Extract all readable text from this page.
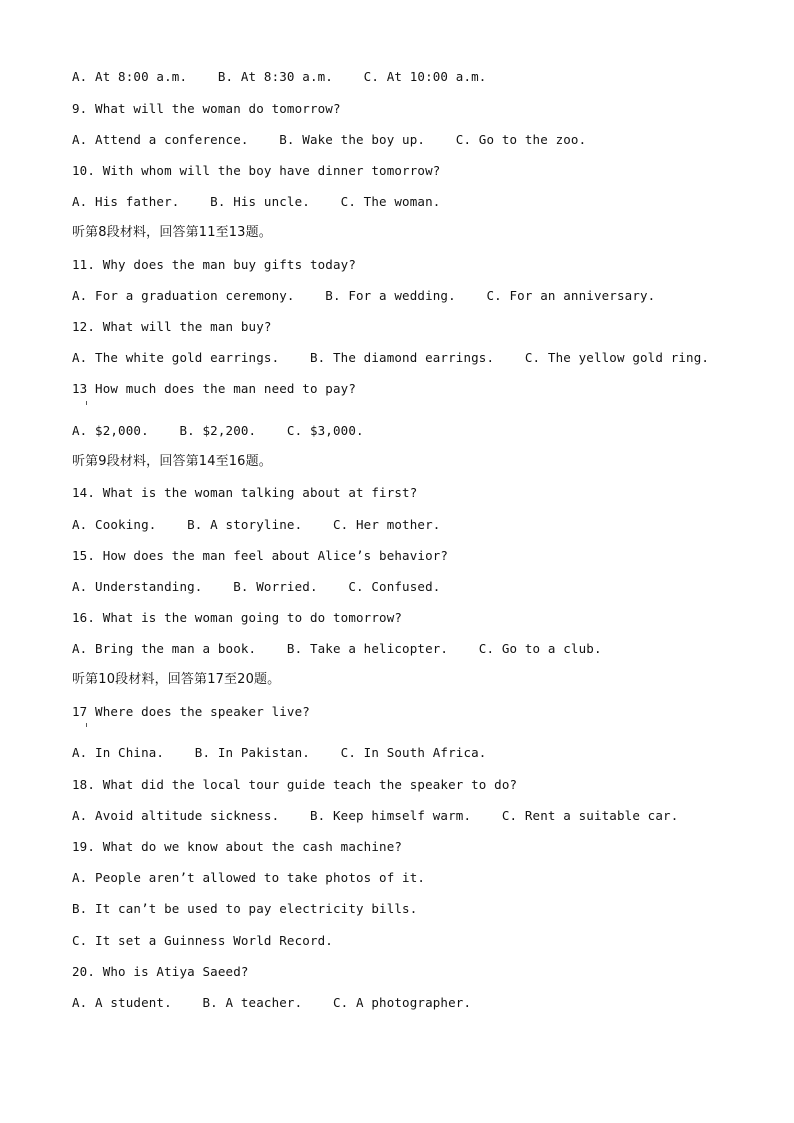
A. At 8:00 a.m.    B. At 8:30 a.m.    C. At 10:00 a.m.
9. What will the woman do tomorrow?
A. Attend a conference.    B. Wake the boy up.    C. Go to the zoo.
10. With whom will the boy have dinner tomorrow?
A. His father.    B. His uncle.    C. The woman.
听第8段材料，回答第11至13题。
11. Why does the man buy gifts today?
A. For a graduation ceremony.    B. For a wedding.    C. For an anniversary.
12. What will the man buy?
A. The white gold earrings.    B. The diamond earrings.    C. The yellow gold ring.
13 How much does the man need to pay?
A. $2,000.    B. $2,200.    C. $3,000.
听第9段材料，回答第14至16题。
14. What is the woman talking about at first?
A. Cooking.    B. A storyline.    C. Her mother.
15. How does the man feel about Alice’s behavior?
A. Understanding.    B. Worried.    C. Confused.
16. What is the woman going to do tomorrow?
A. Bring the man a book.    B. Take a helicopter.    C. Go to a club.
听第10段材料，回答第17至20题。
17 Where does the speaker live?
A. In China.    B. In Pakistan.    C. In South Africa.
18. What did the local tour guide teach the speaker to do?
A. Avoid altitude sickness.    B. Keep himself warm.    C. Rent a suitable car.
19. What do we know about the cash machine?
A. People aren’t allowed to take photos of it.
B. It can’t be used to pay electricity bills.
C. It set a Guinness World Record.
20. Who is Atiya Saeed?
A. A student.    B. A teacher.    C. A photographer.
